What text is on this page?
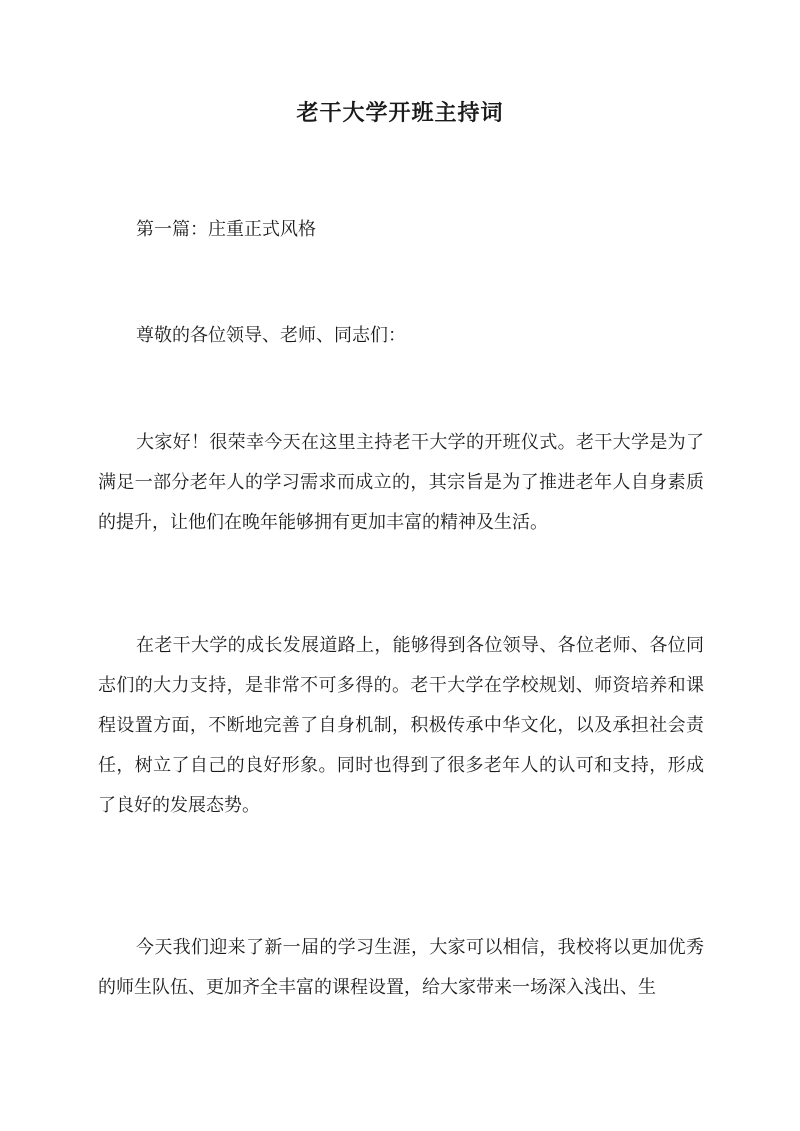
老干大学开班主持词

第一篇：庄重正式风格

尊敬的各位领导、老师、同志们：

大家好！很荣幸今天在这里主持老干大学的开班仪式。老干大学是为了满足一部分老年人的学习需求而成立的，其宗旨是为了推进老年人自身素质的提升，让他们在晚年能够拥有更加丰富的精神及生活。

在老干大学的成长发展道路上，能够得到各位领导、各位老师、各位同志们的大力支持，是非常不可多得的。老干大学在学校规划、师资培养和课程设置方面，不断地完善了自身机制，积极传承中华文化，以及承担社会责任，树立了自己的良好形象。同时也得到了很多老年人的认可和支持，形成了良好的发展态势。

今天我们迎来了新一届的学习生涯，大家可以相信，我校将以更加优秀的师生队伍、更加齐全丰富的课程设置，给大家带来一场深入浅出、生
